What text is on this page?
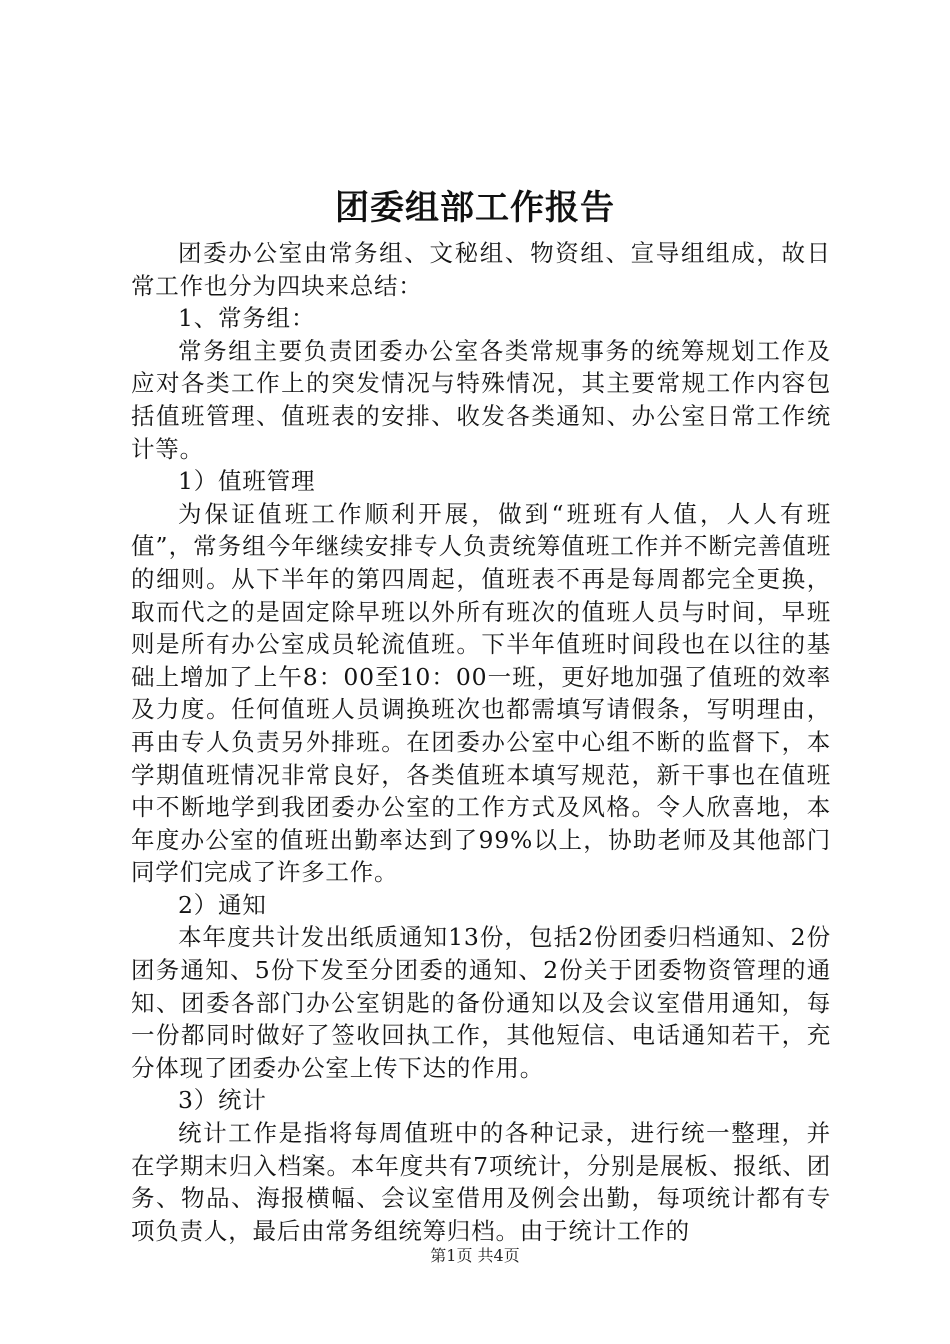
团委组部工作报告

团委办公室由常务组、文秘组、物资组、宣导组组成，故日常工作也分为四块来总结：

1、常务组：

常务组主要负责团委办公室各类常规事务的统筹规划工作及应对各类工作上的突发情况与特殊情况，其主要常规工作内容包括值班管理、值班表的安排、收发各类通知、办公室日常工作统计等。

1）值班管理

为保证值班工作顺利开展，做到“班班有人值，人人有班值”，常务组今年继续安排专人负责统筹值班工作并不断完善值班的细则。从下半年的第四周起，值班表不再是每周都完全更换，取而代之的是固定除早班以外所有班次的值班人员与时间，早班则是所有办公室成员轮流值班。下半年值班时间段也在以往的基础上增加了上午8：00至10：00一班，更好地加强了值班的效率及力度。任何值班人员调换班次也都需填写请假条，写明理由，再由专人负责另外排班。在团委办公室中心组不断的监督下，本学期值班情况非常良好，各类值班本填写规范，新干事也在值班中不断地学到我团委办公室的工作方式及风格。令人欣喜地，本年度办公室的值班出勤率达到了99%以上，协助老师及其他部门同学们完成了许多工作。

2）通知

本年度共计发出纸质通知13份，包括2份团委归档通知、2份团务通知、5份下发至分团委的通知、2份关于团委物资管理的通知、团委各部门办公室钥匙的备份通知以及会议室借用通知，每一份都同时做好了签收回执工作，其他短信、电话通知若干，充分体现了团委办公室上传下达的作用。

3）统计

统计工作是指将每周值班中的各种记录，进行统一整理，并在学期末归入档案。本年度共有7项统计，分别是展板、报纸、团务、物品、海报横幅、会议室借用及例会出勤，每项统计都有专项负责人，最后由常务组统筹归档。由于统计工作的

第1页 共4页
